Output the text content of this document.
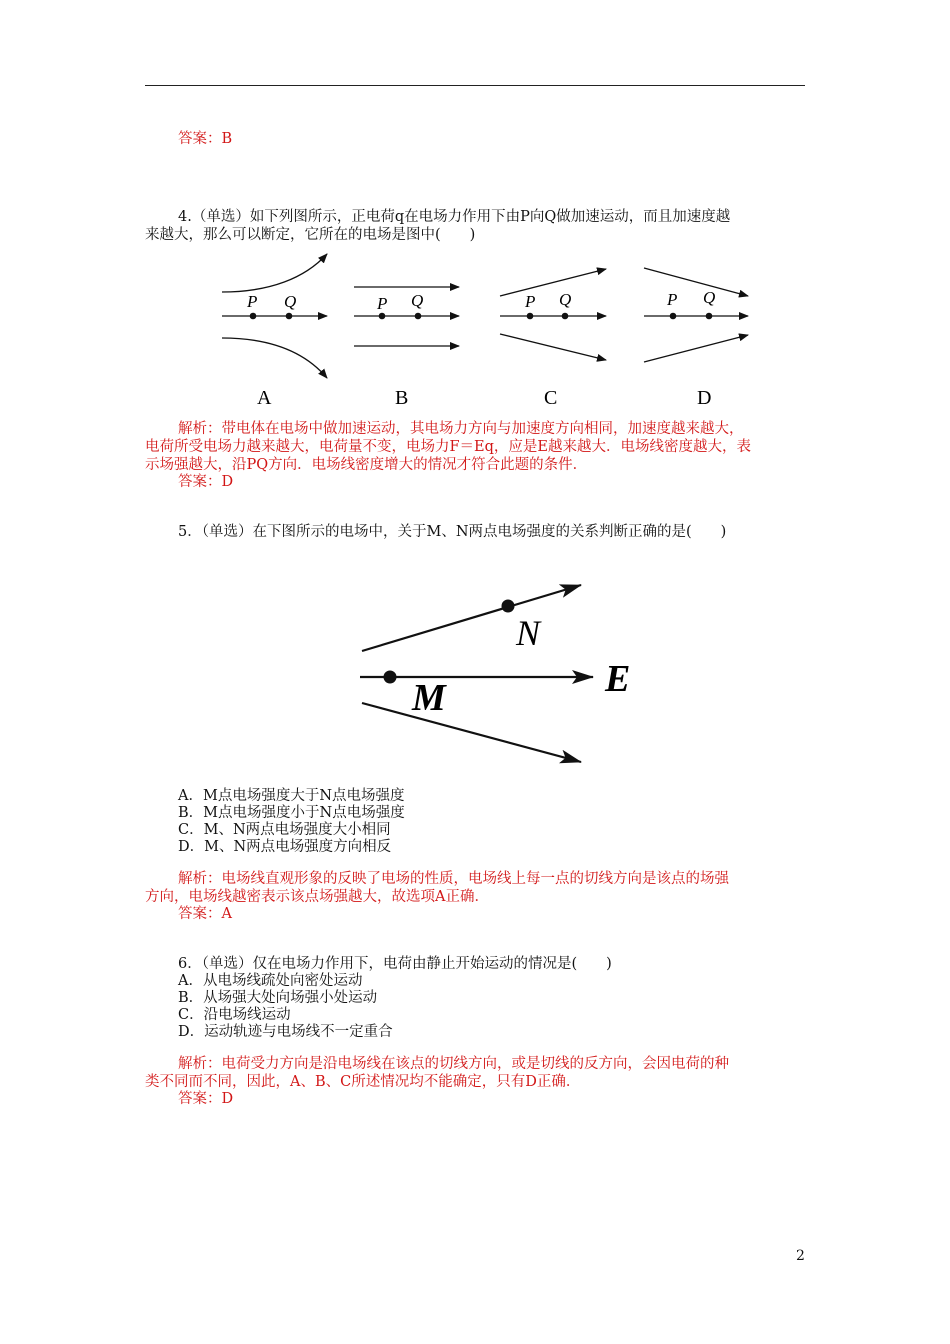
答案：B
4.（单选）如下列图所示，正电荷q在电场力作用下由P向Q做加速运动，而且加速度越
来越大，那么可以断定，它所在的电场是图中(　　)
P Q	P Q	P Q	P Q
A	B	C	D
解析：带电体在电场中做加速运动，其电场力方向与加速度方向相同，加速度越来越大，
电荷所受电场力越来越大，电荷量不变，电场力F＝Eq，应是E越来越大．电场线密度越大，表
示场强越大，沿PQ方向．电场线密度增大的情况才符合此题的条件．
答案：D
5．（单选）在下图所示的电场中，关于M、N两点电场强度的关系判断正确的是(　　)
N
M	E
A．M点电场强度大于N点电场强度
B．M点电场强度小于N点电场强度
C．M、N两点电场强度大小相同
D．M、N两点电场强度方向相反
解析：电场线直观形象的反映了电场的性质，电场线上每一点的切线方向是该点的场强
方向，电场线越密表示该点场强越大，故选项A正确．
答案：A
6．（单选）仅在电场力作用下，电荷由静止开始运动的情况是(　　)
A．从电场线疏处向密处运动
B．从场强大处向场强小处运动
C．沿电场线运动
D．运动轨迹与电场线不一定重合
解析：电荷受力方向是沿电场线在该点的切线方向，或是切线的反方向，会因电荷的种
类不同而不同，因此，A、B、C所述情况均不能确定，只有D正确．
答案：D
2
